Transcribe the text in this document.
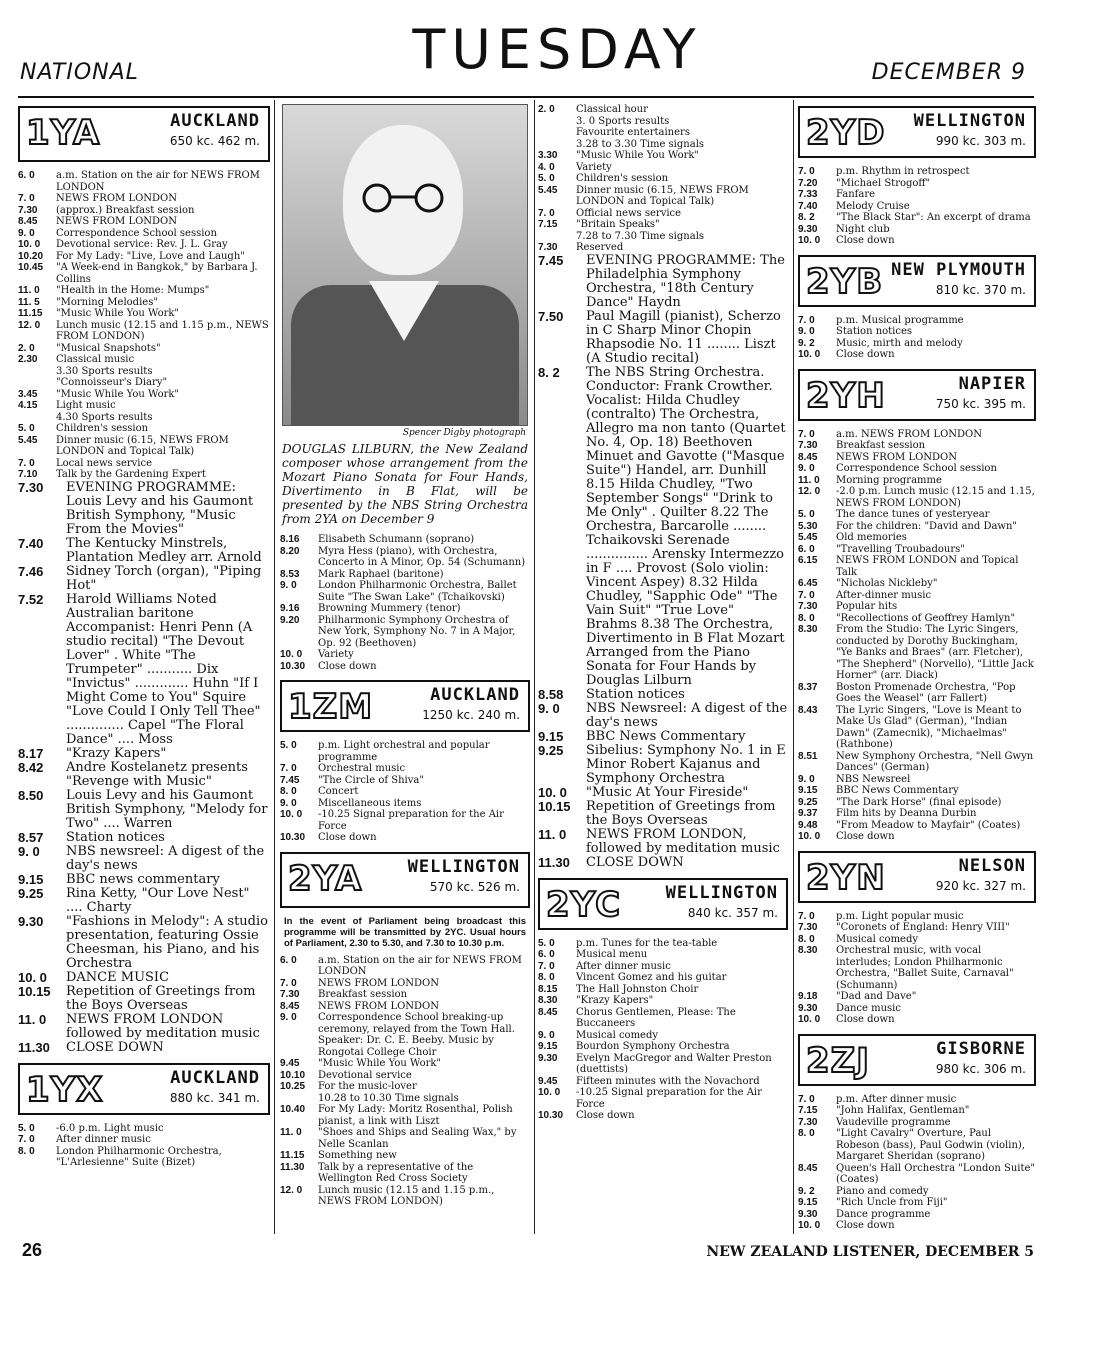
NATIONAL	TUESDAY	DECEMBER 9
1YA	AUCKLAND
650 kc. 462 m.
6. 0	a.m. Station on the air for NEWS FROM LONDON
7. 0	NEWS FROM LONDON
7.30	(approx.) Breakfast session
8.45	NEWS FROM LONDON
9. 0	Correspondence School session
10. 0	Devotional service: Rev. J. L. Gray
10.20	For My Lady: "Live, Love and Laugh"
10.45	"A Week-end in Bangkok," by Barbara J. Collins
11. 0	"Health in the Home: Mumps"
11. 5	"Morning Melodies"
11.15	"Music While You Work"
12. 0	Lunch music (12.15 and 1.15 p.m., NEWS FROM LONDON)
2. 0	"Musical Snapshots"
2.30	Classical music
3.30 Sports results
"Connoisseur's Diary"
3.45	"Music While You Work"
4.15	Light music
4.30 Sports results
5. 0	Children's session
5.45	Dinner music (6.15, NEWS FROM LONDON and Topical Talk)
7. 0	Local news service
7.10	Talk by the Gardening Expert
7.30	EVENING PROGRAMME: Louis Levy and his Gaumont British Symphony, "Music From the Movies"
7.40	The Kentucky Minstrels, Plantation Medley arr. Arnold
7.46	Sidney Torch (organ), "Piping Hot"
7.52	Harold Williams Noted Australian baritone Accompanist: Henri Penn (A studio recital) "The Devout Lover" . White "The Trumpeter" ........... Dix "Invictus" ............. Huhn "If I Might Come to You" Squire "Love Could I Only Tell Thee" .............. Capel "The Floral Dance" .... Moss
8.17	"Krazy Kapers"
8.42	Andre Kostelanetz presents "Revenge with Music"
8.50	Louis Levy and his Gaumont British Symphony, "Melody for Two" .... Warren
8.57	Station notices
9. 0	NBS newsreel: A digest of the day's news
9.15	BBC news commentary
9.25	Rina Ketty, "Our Love Nest" .... Charty
9.30	"Fashions in Melody": A studio presentation, featuring Ossie Cheesman, his Piano, and his Orchestra
10. 0	DANCE MUSIC
10.15	Repetition of Greetings from the Boys Overseas
11. 0	NEWS FROM LONDON followed by meditation music
11.30	CLOSE DOWN
1YX	AUCKLAND
880 kc. 341 m.
5. 0	-6.0 p.m. Light music
7. 0	After dinner music
8. 0	London Philharmonic Orchestra, "L'Arlesienne" Suite (Bizet)
Spencer Digby photograph
DOUGLAS LILBURN, the New Zealand composer whose arrangement from the Mozart Piano Sonata for Four Hands, Divertimento in B Flat, will be presented by the NBS String Orchestra from 2YA on December 9
8.16	Elisabeth Schumann (soprano)
8.20	Myra Hess (piano), with Orchestra, Concerto in A Minor, Op. 54 (Schumann)
8.53	Mark Raphael (baritone)
9. 0	London Philharmonic Orchestra, Ballet Suite "The Swan Lake" (Tchaikovski)
9.16	Browning Mummery (tenor)
9.20	Philharmonic Symphony Orchestra of New York, Symphony No. 7 in A Major, Op. 92 (Beethoven)
10. 0	Variety
10.30	Close down
1ZM	AUCKLAND
1250 kc. 240 m.
5. 0	p.m. Light orchestral and popular programme
7. 0	Orchestral music
7.45	"The Circle of Shiva"
8. 0	Concert
9. 0	Miscellaneous items
10. 0	-10.25 Signal preparation for the Air Force
10.30	Close down
2YA	WELLINGTON
570 kc. 526 m.
In the event of Parliament being broadcast this programme will be transmitted by 2YC. Usual hours of Parliament, 2.30 to 5.30, and 7.30 to 10.30 p.m.
6. 0	a.m. Station on the air for NEWS FROM LONDON
7. 0	NEWS FROM LONDON
7.30	Breakfast session
8.45	NEWS FROM LONDON
9. 0	Correspondence School breaking-up ceremony, relayed from the Town Hall. Speaker: Dr. C. E. Beeby. Music by Rongotai College Choir
9.45	"Music While You Work"
10.10	Devotional service
10.25	For the music-lover
10.28 to 10.30 Time signals
10.40	For My Lady: Moritz Rosenthal, Polish pianist, a link with Liszt
11. 0	"Shoes and Ships and Sealing Wax," by Nelle Scanlan
11.15	Something new
11.30	Talk by a representative of the Wellington Red Cross Society
12. 0	Lunch music (12.15 and 1.15 p.m., NEWS FROM LONDON)
2. 0	Classical hour
3. 0 Sports results
Favourite entertainers
3.28 to 3.30 Time signals
3.30	"Music While You Work"
4. 0	Variety
5. 0	Children's session
5.45	Dinner music (6.15, NEWS FROM LONDON and Topical Talk)
7. 0	Official news service
7.15	"Britain Speaks"
7.28 to 7.30 Time signals
7.30	Reserved
7.45	EVENING PROGRAMME: The Philadelphia Symphony Orchestra, "18th Century Dance" Haydn
7.50	Paul Magill (pianist), Scherzo in C Sharp Minor Chopin Rhapsodie No. 11 ........ Liszt (A Studio recital)
8. 2	The NBS String Orchestra. Conductor: Frank Crowther. Vocalist: Hilda Chudley (contralto) The Orchestra, Allegro ma non tanto (Quartet No. 4, Op. 18) Beethoven Minuet and Gavotte ("Masque Suite") Handel, arr. Dunhill 8.15 Hilda Chudley, "Two September Songs" "Drink to Me Only" . Quilter 8.22 The Orchestra, Barcarolle ........ Tchaikovski Serenade ............... Arensky Intermezzo in F .... Provost (Solo violin: Vincent Aspey) 8.32 Hilda Chudley, "Sapphic Ode" "The Vain Suit" "True Love" Brahms 8.38 The Orchestra, Divertimento in B Flat Mozart Arranged from the Piano Sonata for Four Hands by Douglas Lilburn
8.58	Station notices
9. 0	NBS Newsreel: A digest of the day's news
9.15	BBC News Commentary
9.25	Sibelius: Symphony No. 1 in E Minor Robert Kajanus and Symphony Orchestra
10. 0	"Music At Your Fireside"
10.15	Repetition of Greetings from the Boys Overseas
11. 0	NEWS FROM LONDON, followed by meditation music
11.30	CLOSE DOWN
2YC	WELLINGTON
840 kc. 357 m.
5. 0	p.m. Tunes for the tea-table
6. 0	Musical menu
7. 0	After dinner music
8. 0	Vincent Gomez and his guitar
8.15	The Hall Johnston Choir
8.30	"Krazy Kapers"
8.45	Chorus Gentlemen, Please: The Buccaneers
9. 0	Musical comedy
9.15	Bourdon Symphony Orchestra
9.30	Evelyn MacGregor and Walter Preston (duettists)
9.45	Fifteen minutes with the Novachord
10. 0	-10.25 Signal preparation for the Air Force
10.30	Close down
2YD WELLINGTON
990 kc. 303 m.
7. 0	p.m. Rhythm in retrospect
7.20	"Michael Strogoff"
7.33	Fanfare
7.40	Melody Cruise
8. 2	"The Black Star": An excerpt of drama
9.30	Night club
10. 0	Close down
2YB NEW PLYMOUTH
810 kc. 370 m.
7. 0	p.m. Musical programme
9. 0	Station notices
9. 2	Music, mirth and melody
10. 0	Close down
2YH	NAPIER
750 kc. 395 m.
7. 0	a.m. NEWS FROM LONDON
7.30	Breakfast session
8.45	NEWS FROM LONDON
9. 0	Correspondence School session
11. 0	Morning programme
12. 0	-2.0 p.m. Lunch music (12.15 and 1.15, NEWS FROM LONDON)
5. 0	The dance tunes of yesteryear
5.30	For the children: "David and Dawn"
5.45	Old memories
6. 0	"Travelling Troubadours"
6.15	NEWS FROM LONDON and Topical Talk
6.45	"Nicholas Nickleby"
7. 0	After-dinner music
7.30	Popular hits
8. 0	"Recollections of Geoffrey Hamlyn"
8.30	From the Studio: The Lyric Singers, conducted by Dorothy Buckingham, "Ye Banks and Braes" (arr. Fletcher), "The Shepherd" (Norvello), "Little Jack Horner" (arr. Diack)
8.37	Boston Promenade Orchestra, "Pop Goes the Weasel" (arr Fallert)
8.43	The Lyric Singers, "Love is Meant to Make Us Glad" (German), "Indian Dawn" (Zamecnik), "Michaelmas" (Rathbone)
8.51	New Symphony Orchestra, "Nell Gwyn Dances" (German)
9. 0	NBS Newsreel
9.15	BBC News Commentary
9.25	"The Dark Horse" (final episode)
9.37	Film hits by Deanna Durbin
9.48	"From Meadow to Mayfair" (Coates)
10. 0	Close down
2YN	NELSON
920 kc. 327 m.
7. 0	p.m. Light popular music
7.30	"Coronets of England: Henry VIII"
8. 0	Musical comedy
8.30	Orchestral music, with vocal interludes; London Philharmonic Orchestra, "Ballet Suite, Carnaval" (Schumann)
9.18	"Dad and Dave"
9.30	Dance music
10. 0	Close down
2ZJ	GISBORNE
980 kc. 306 m.
7. 0	p.m. After dinner music
7.15	"John Halifax, Gentleman"
7.30	Vaudeville programme
8. 0	"Light Cavalry" Overture, Paul Robeson (bass), Paul Godwin (violin), Margaret Sheridan (soprano)
8.45	Queen's Hall Orchestra "London Suite" (Coates)
9. 2	Piano and comedy
9.15	"Rich Uncle from Fiji"
9.30	Dance programme
10. 0	Close down
26	NEW ZEALAND LISTENER, DECEMBER 5
